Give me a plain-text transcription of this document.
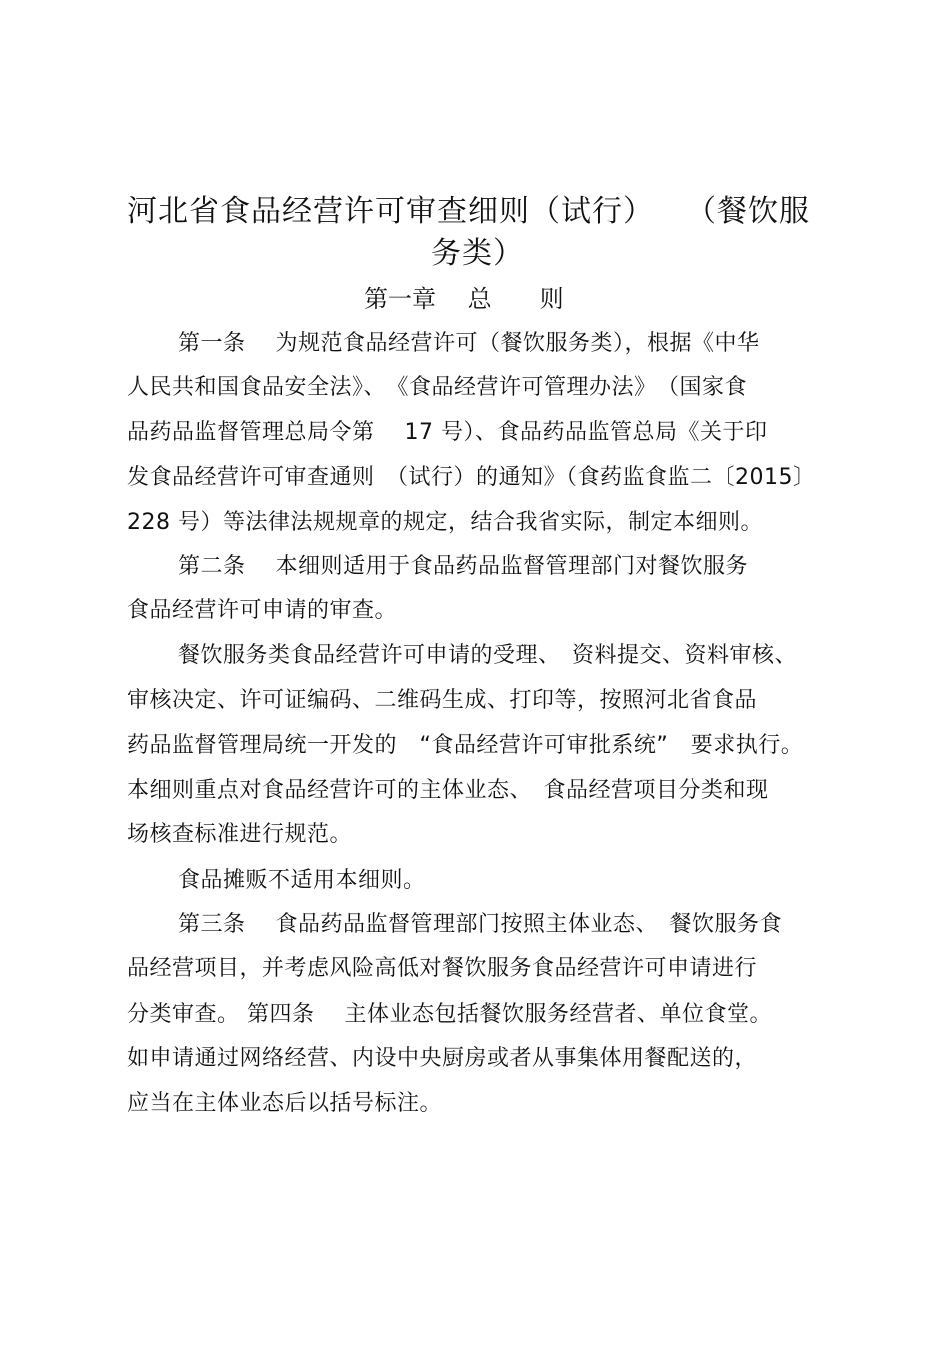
河北省食品经营许可审查细则（试行）　　（餐饮服
务类）
第一章　 总　　则
第一条　 为规范食品经营许可（餐饮服务类），根据《中华
人民共和国食品安全法》、　《食品经营许可管理办法》　（国家食
品药品监督管理总局令第　 17 号）、食品药品监管总局《关于印
发食品经营许可审查通则　（试行）的通知》（食药监食监二〔2015〕
228 号）等法律法规规章的规定，结合我省实际，制定本细则。
第二条　 本细则适用于食品药品监督管理部门对餐饮服务
食品经营许可申请的审查。
餐饮服务类食品经营许可申请的受理、　资料提交、资料审核、
审核决定、许可证编码、二维码生成、打印等，按照河北省食品
药品监督管理局统一开发的　“食品经营许可审批系统”　要求执行。
本细则重点对食品经营许可的主体业态、　食品经营项目分类和现
场核查标准进行规范。
食品摊贩不适用本细则。
第三条　 食品药品监督管理部门按照主体业态、　餐饮服务食
品经营项目，并考虑风险高低对餐饮服务食品经营许可申请进行
分类审查。 第四条　 主体业态包括餐饮服务经营者、单位食堂。
如申请通过网络经营、内设中央厨房或者从事集体用餐配送的，
应当在主体业态后以括号标注。
